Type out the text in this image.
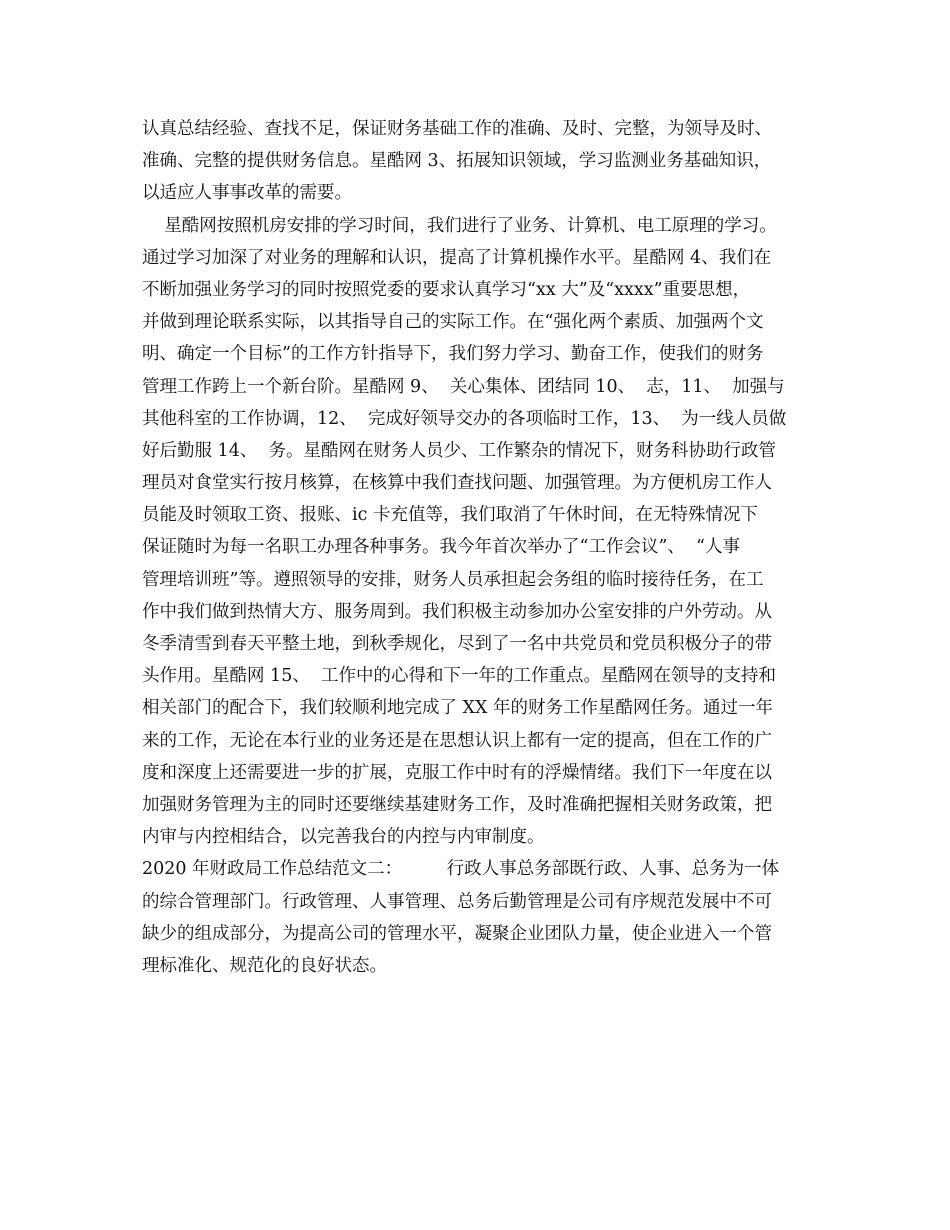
认真总结经验、查找不足，保证财务基础工作的准确、及时、完整，为领导及时、
准确、完整的提供财务信息。星酷网 3、拓展知识领域，学习监测业务基础知识，
以适应人事事改革的需要。
星酷网按照机房安排的学习时间，我们进行了业务、计算机、电工原理的学习。
通过学习加深了对业务的理解和认识，提高了计算机操作水平。星酷网 4、我们在
不断加强业务学习的同时按照党委的要求认真学习“xx 大”及“xxxx”重要思想，
并做到理论联系实际，以其指导自己的实际工作。在“强化两个素质、加强两个文
明、确定一个目标”的工作方针指导下，我们努力学习、勤奋工作，使我们的财务
管理工作跨上一个新台阶。星酷网 9、  关心集体、团结同 10、  志，11、  加强与
其他科室的工作协调，12、  完成好领导交办的各项临时工作，13、  为一线人员做
好后勤服 14、  务。星酷网在财务人员少、工作繁杂的情况下，财务科协助行政管
理员对食堂实行按月核算，在核算中我们查找问题、加强管理。为方便机房工作人
员能及时领取工资、报账、ic 卡充值等，我们取消了午休时间，在无特殊情况下
保证随时为每一名职工办理各种事务。我今年首次举办了“工作会议”、  “人事
管理培训班”等。遵照领导的安排，财务人员承担起会务组的临时接待任务，在工
作中我们做到热情大方、服务周到。我们积极主动参加办公室安排的户外劳动。从
冬季清雪到春天平整土地，到秋季规化，尽到了一名中共党员和党员积极分子的带
头作用。星酷网 15、  工作中的心得和下一年的工作重点。星酷网在领导的支持和
相关部门的配合下，我们较顺利地完成了 XX 年的财务工作星酷网任务。通过一年
来的工作，无论在本行业的业务还是在思想认识上都有一定的提高，但在工作的广
度和深度上还需要进一步的扩展，克服工作中时有的浮燥情绪。我们下一年度在以
加强财务管理为主的同时还要继续基建财务工作，及时准确把握相关财务政策，把
内审与内控相结合，以完善我台的内控与内审制度。
2020 年财政局工作总结范文二：        行政人事总务部既行政、人事、总务为一体
的综合管理部门。行政管理、人事管理、总务后勤管理是公司有序规范发展中不可
缺少的组成部分，为提高公司的管理水平，凝聚企业团队力量，使企业进入一个管
理标准化、规范化的良好状态。
